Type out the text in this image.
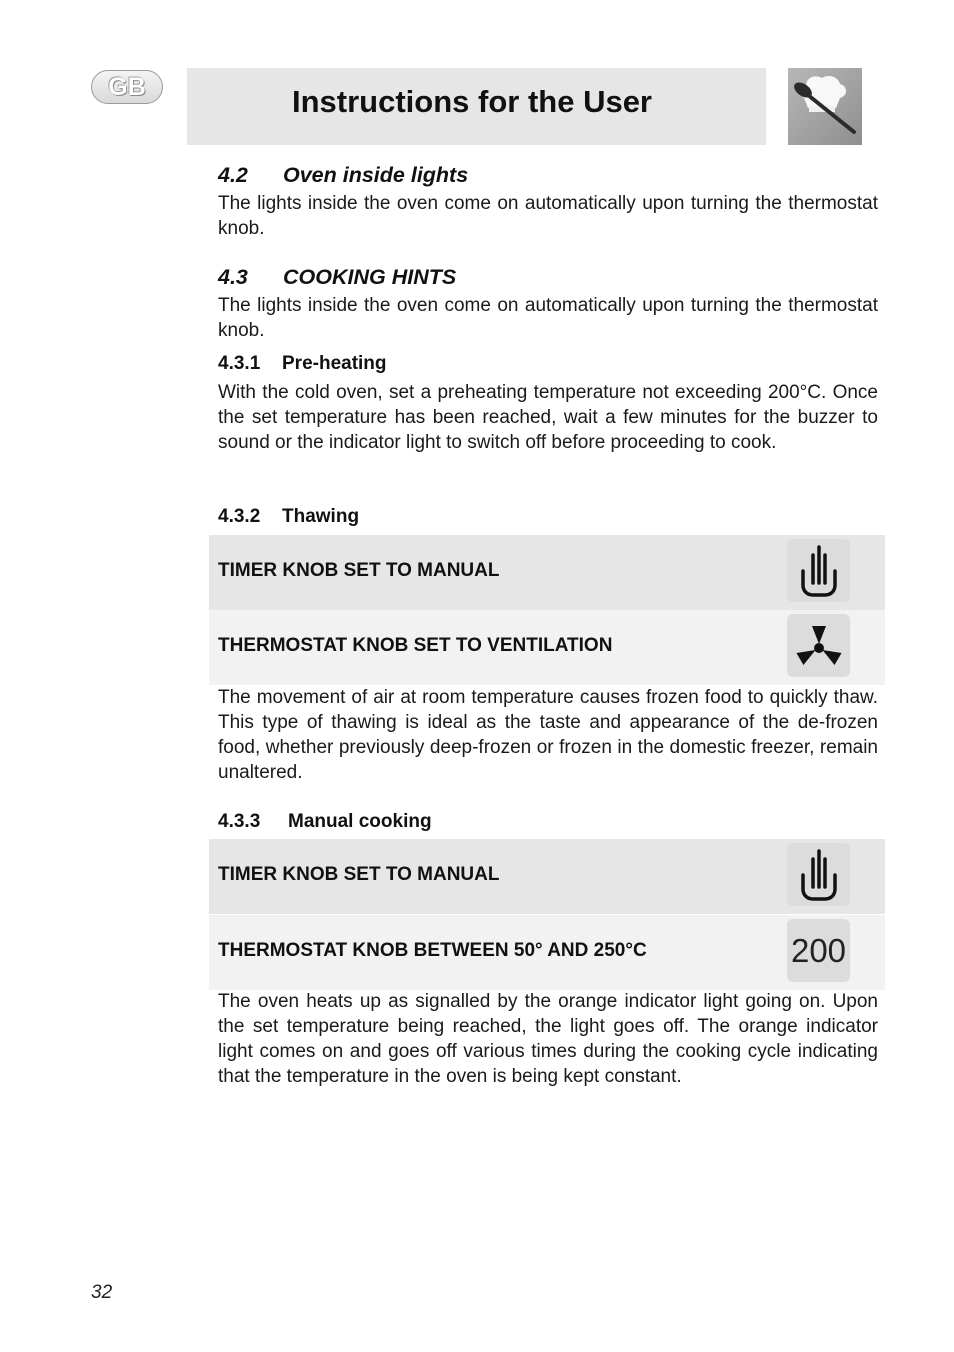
GB	Instructions for the User
4.2 Oven inside lights

The lights inside the oven come on automatically upon turning the thermostat knob.

4.3 COOKING HINTS

The lights inside the oven come on automatically upon turning the thermostat knob.

4.3.1 Pre-heating

With the cold oven, set a preheating temperature not exceeding 200°C. Once the set temperature has been reached, wait a few minutes for the buzzer to sound or the indicator light to switch off before proceeding to cook.

4.3.2 Thawing
TIMER KNOB SET TO MANUAL
THERMOSTAT KNOB SET TO VENTILATION

The movement of air at room temperature causes frozen food to quickly thaw. This type of thawing is ideal as the taste and appearance of the de-frozen food, whether previously deep-frozen or frozen in the domestic freezer, remain unaltered.

4.3.3 Manual cooking
TIMER KNOB SET TO MANUAL
THERMOSTAT KNOB BETWEEN 50° AND 250°C	200

The oven heats up as signalled by the orange indicator light going on. Upon the set temperature being reached, the light goes off. The orange indicator light comes on and goes off various times during the cooking cycle indicating that the temperature in the oven is being kept constant.

32
